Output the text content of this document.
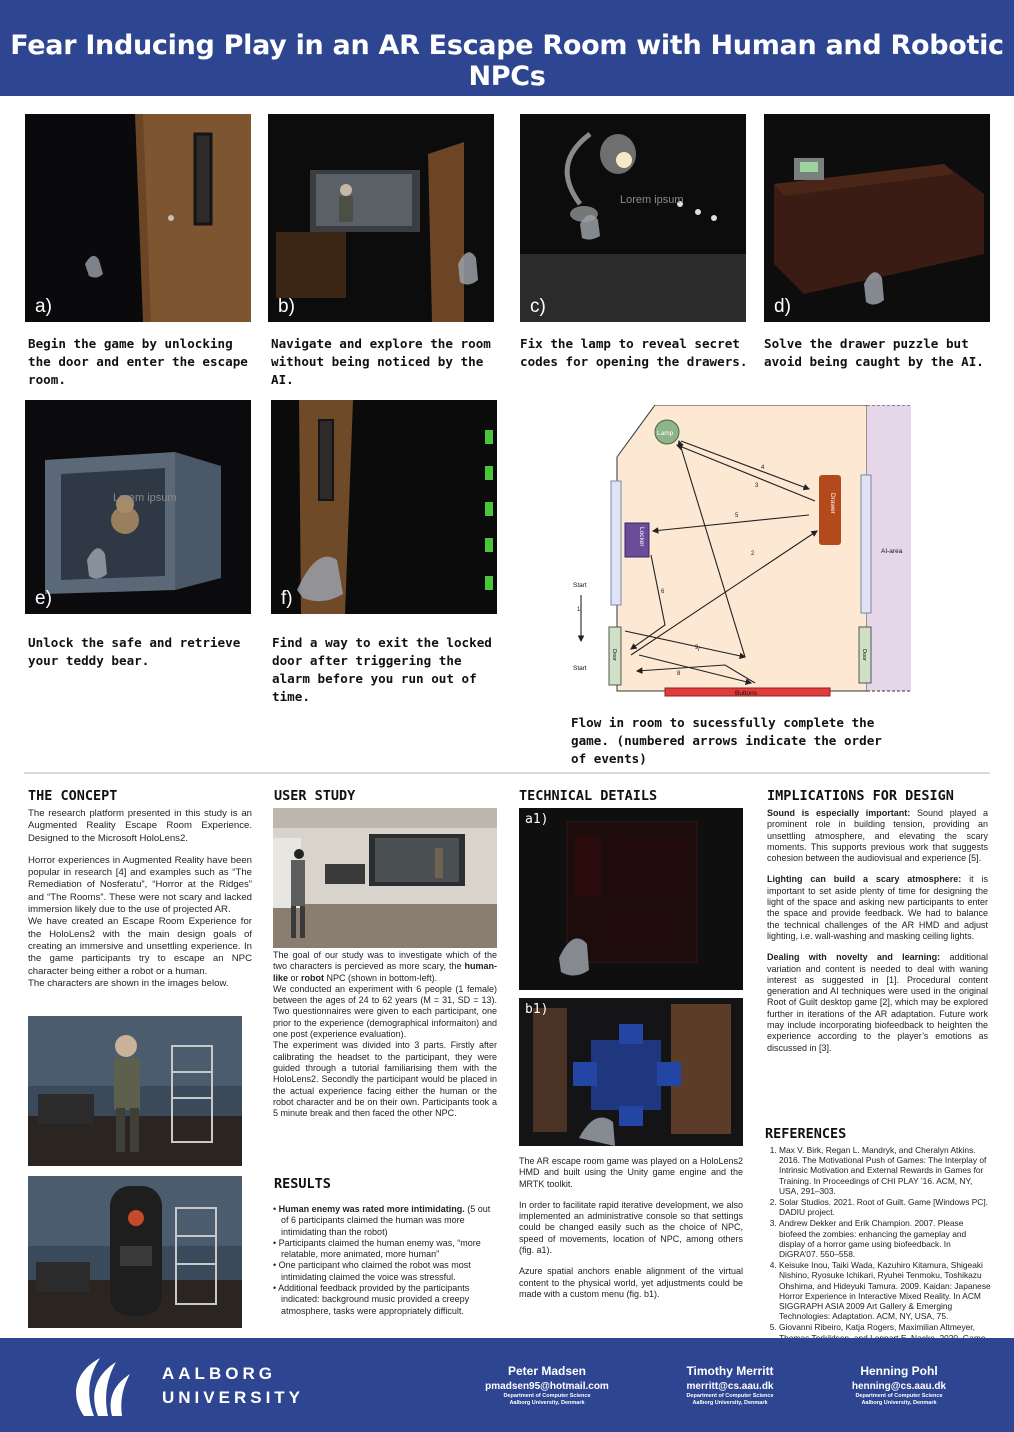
Fear Inducing Play in an AR Escape Room with Human and Robotic NPCs
a)
Begin the game by unlocking the door and enter the escape room.
b)
Navigate and explore the room without being noticed by the AI.
Lorem ipsum
c)
Fix the lamp to reveal secret codes for opening the drawers.
d)
Solve the drawer puzzle but avoid being caught by the AI.
Lorem ipsum
e)
Unlock the safe and retrieve your teddy bear.
f)
Find a way to exit the locked door after triggering the alarm before you run out of time.
1
2
3
4
5
6
7
8
9
Lamp
Start
Start
AI-area
Buttons
Drawer
Locker
Door	Door
Flow in room to sucessfully complete the game. (numbered arrows indicate the order of events)
THE CONCEPT

The research platform presented in this study is an Augmented Reality Escape Room Experience. Designed to the Microsoft HoloLens2.

Horror experiences in Augmented Reality have been popular in research [4] and examples such as “The Remediation of Nosferatu”, “Horror at the Ridges” and “The Rooms”. These were not scary and lacked immersion likely due to the use of projected AR.

We have created an Escape Room Experience for the HoloLens2 with the main design goals of creating an immersive and unsettling experience. In the game participants try to escape an NPC character being either a robot or a human.

The characters are shown in the images below.

USER STUDY

The goal of our study was to investigate which of the two characters is percieved as more scary, the human-like or robot NPC (shown in bottom-left).

We conducted an experiment with 6 people (1 female) between the ages of 24 to 62 years (M = 31, SD = 13). Two questionnaires were given to each participant, one prior to the experience (demographical informaiton) and one post (experience evaluation).

The experiment was divided into 3 parts. Firstly after calibrating the headset to the participant, they were guided through a tutorial familiarising them with the HoloLens2. Secondly the participant would be placed in the actual experience facing either the human or the robot character and be on their own. Participants took a 5 minute break and then faced the other NPC.

RESULTS
• Human enemy was rated more intimidating. (5 out of 6 participants claimed the human was more intimidating than the robot)
• Participants claimed the human enemy was, “more relatable, more animated, more human”
• One participant who claimed the robot was most intimidating claimed the voice was stressful.
• Additional feedback provided by the participants indicated: background music provided a creepy atmosphere, tasks were appropriately difficult.
TECHNICAL DETAILS
a1)
b1)

The AR escape room game was played on a HoloLens2 HMD and built using the Unity game engine and the MRTK toolkit.

In order to facilitate rapid iterative development, we also implemented an administrative console so that settings could be changed easily such as the choice of NPC, speed of movements, location of NPC, among others (fig. a1).

Azure spatial anchors enable alignment of the virtual content to the physical world, yet adjustments could be made with a custom menu (fig. b1).

IMPLICATIONS FOR DESIGN

Sound is especially important: Sound played a prominent role in building tension, providing an unsettling atmosphere, and elevating the scary moments. This supports previous work that suggests cohesion between the audiovisual and experience [5].

Lighting can build a scary atmosphere: it is important to set aside plenty of time for designing the light of the space and asking new participants to enter the space and provide feedback. We had to balance the technical challenges of the AR HMD and adjust lighting, i.e. wall-washing and masking ceiling lights.

Dealing with novelty and learning: additional variation and content is needed to deal with waning interest as suggested in [1]. Procedural content generation and AI techniques were used in the original Root of Guilt desktop game [2], which may be explored further in iterations of the AR adaptation. Future work may include incorporating biofeedback to heighten the experience according to the player’s emotions as discussed in [3].

REFERENCES
1. Max V. Birk, Regan L. Mandryk, and Cheralyn Atkins. 2016. The Motivational Push of Games: The Interplay of Intrinsic Motivation and External Rewards in Games for Training. In Proceedings of CHI PLAY ’16. ACM, NY, USA, 291–303.
2. Solar Studios. 2021. Root of Guilt. Game [Windows PC]. DADIU project.
3. Andrew Dekker and Erik Champion. 2007. Please biofeed the zombies: enhancing the gameplay and display of a horror game using biofeedback. In DiGRA’07. 550–558.
4. Keisuke Inou, Taiki Wada, Kazuhiro Kitamura, Shigeaki Nishino, Ryosuke Ichikari, Ryuhei Tenmoku, Toshikazu Ohshima, and Hideyuki Tamura. 2009. Kaidan: Japanese Horror Experience in Interactive Mixed Reality. In ACM SIGGRAPH ASIA 2009 Art Gallery & Emerging Technologies: Adaptation. ACM, NY, USA, 75.
5. Giovanni Ribeiro, Katja Rogers, Maximilian Altmeyer,
AALBORG
UNIVERSITY
Peter Madsen
pmadsen95@hotmail.com
Department of Computer Science
Aalborg University, Denmark
Timothy Merritt
merritt@cs.aau.dk
Department of Computer Science
Aalborg University, Denmark
Henning Pohl
henning@cs.aau.dk
Department of Computer Science
Aalborg University, Denmark
